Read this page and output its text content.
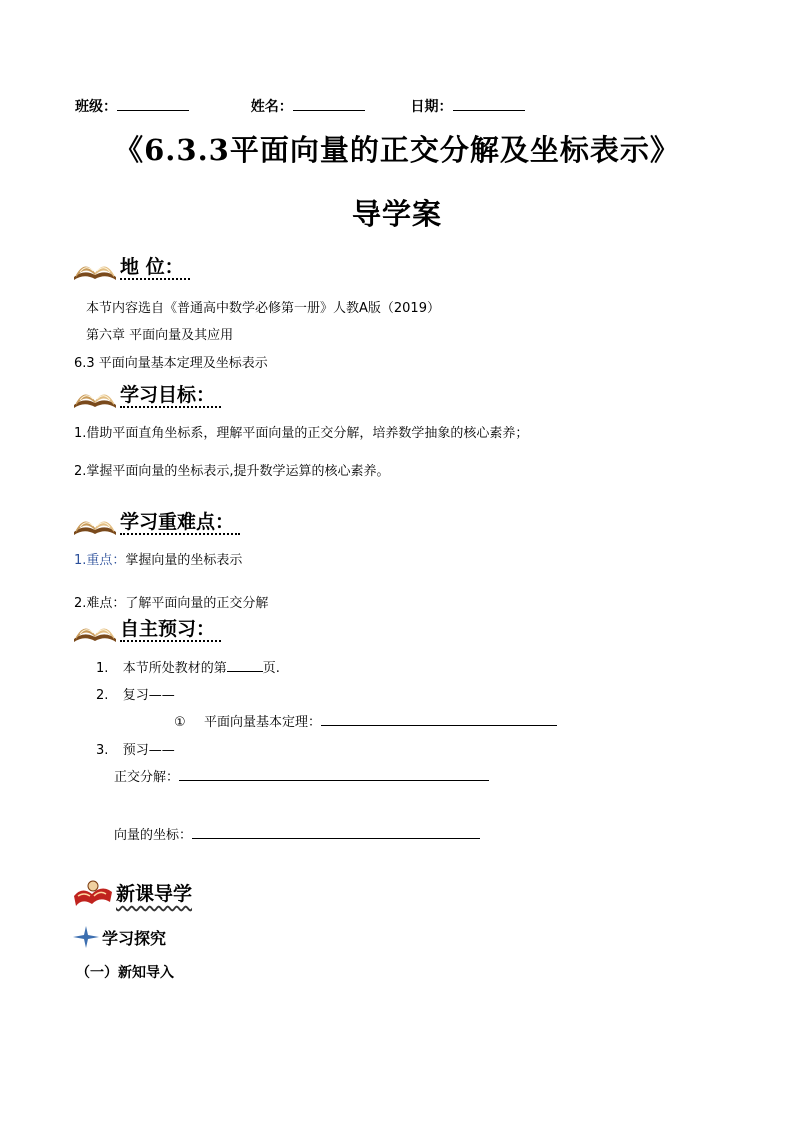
班级：	姓名：	日期：
《6.3.3平面向量的正交分解及坐标表示》
导学案
地 位：
本节内容选自《普通高中数学必修第一册》人教A版（2019）
第六章 平面向量及其应用
6.3 平面向量基本定理及坐标表示
学习目标：
1.借助平面直角坐标系，理解平面向量的正交分解，培养数学抽象的核心素养；
2.掌握平面向量的坐标表示,提升数学运算的核心素养。
学习重难点：
1.重点：掌握向量的坐标表示
2.难点：了解平面向量的正交分解
自主预习：
1. 本节所处教材的第	页.
2. 复习——
① 平面向量基本定理：
3. 预习——
正交分解：
向量的坐标：
新课导学
学习探究
（一）新知导入
